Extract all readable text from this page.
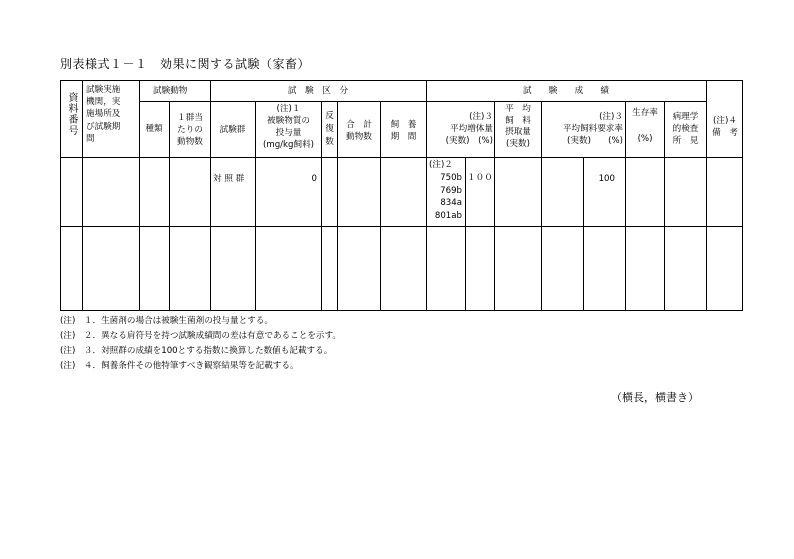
別表様式１－１　効果に関する試験（家畜）
資料番号
試験実施
機関，実
施場所及
び試験期
間
試験動物
種類
１群当
たりの
動物数
試　験　区　分
試験群
(注)１
被験物質の
投与量
(mg/kg飼料)
反
復
数
合　計
動物数
飼　養
期　間
試　　験　　成　　績
(注)３
平均増体量
(実数)　(%)
平　均
飼　料
摂取量
(実数)
(注)３
平均飼料要求率
(実数)　　(%)
生存率

(%)
病理学
的検査
所　見
(注)４
備　考
対 照 群	0
(注)２
750b
769b
834a
801ab
１００	100
(注)　１．生菌剤の場合は被験生菌剤の投与量とする。
(注)　２．異なる肩符号を持つ試験成績間の差は有意であることを示す。
(注)　３．対照群の成績を100とする指数に換算した数値も記載する。
(注)　４．飼養条件その他特筆すべき観察結果等を記載する。
（横長，横書き）
